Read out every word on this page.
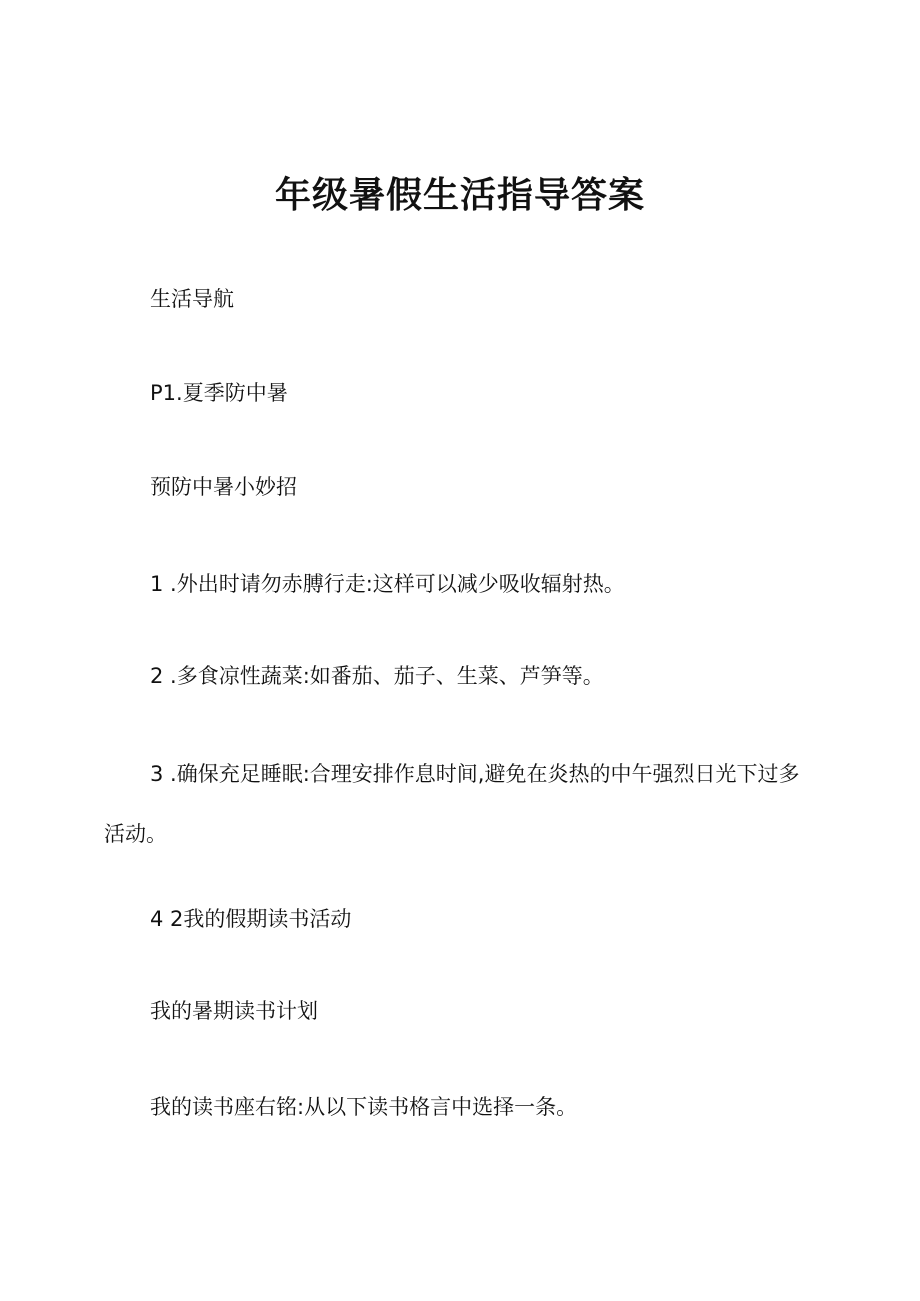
年级暑假生活指导答案

生活导航

P1.夏季防中暑

预防中暑小妙招

1 .外出时请勿赤膊行走:这样可以减少吸收辐射热。

2 .多食凉性蔬菜:如番茄、茄子、生菜、芦笋等。

3 .确保充足睡眠:合理安排作息时间,避免在炎热的中午强烈日光下过多活动。

4 2我的假期读书活动

我的暑期读书计划

我的读书座右铭:从以下读书格言中选择一条。
